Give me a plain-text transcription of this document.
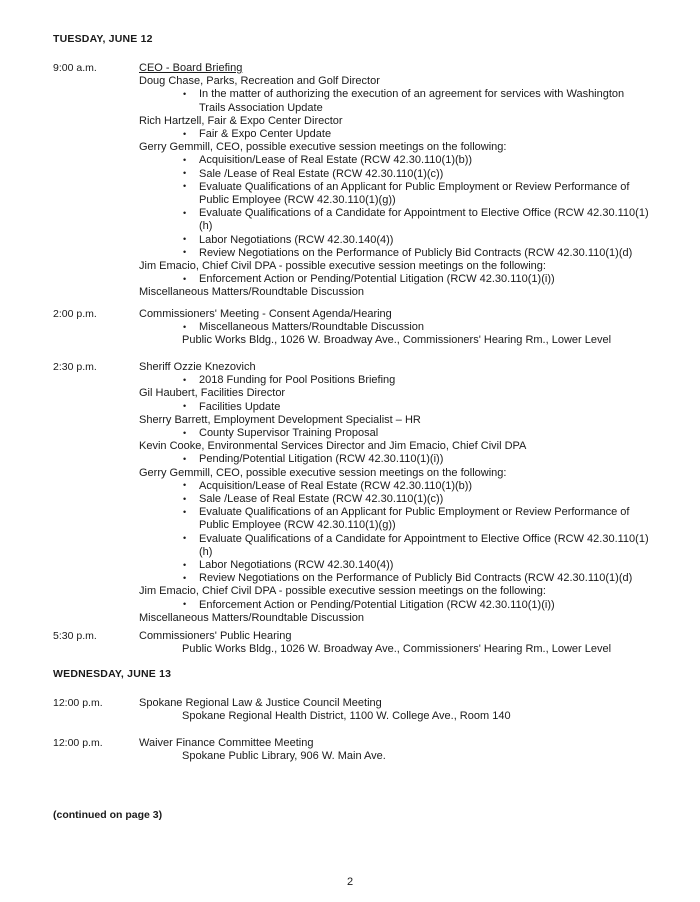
TUESDAY, JUNE 12
9:00 a.m.	CEO - Board Briefing
Doug Chase, Parks, Recreation and Golf Director
• In the matter of authorizing the execution of an agreement for services with Washington Trails Association Update
Rich Hartzell, Fair & Expo Center Director
• Fair & Expo Center Update
Gerry Gemmill, CEO, possible executive session meetings on the following:
• Acquisition/Lease of Real Estate (RCW 42.30.110(1)(b))
• Sale /Lease of Real Estate (RCW 42.30.110(1)(c))
• Evaluate Qualifications of an Applicant for Public Employment or Review Performance of Public Employee (RCW 42.30.110(1)(g))
• Evaluate Qualifications of a Candidate for Appointment to Elective Office (RCW 42.30.110(1)(h)
• Labor Negotiations (RCW 42.30.140(4))
• Review Negotiations on the Performance of Publicly Bid Contracts (RCW 42.30.110(1)(d)
Jim Emacio, Chief Civil DPA - possible executive session meetings on the following:
• Enforcement Action or Pending/Potential Litigation (RCW 42.30.110(1)(i))
Miscellaneous Matters/Roundtable Discussion
2:00 p.m.	Commissioners' Meeting - Consent Agenda/Hearing
• Miscellaneous Matters/Roundtable Discussion
Public Works Bldg., 1026 W. Broadway Ave., Commissioners' Hearing Rm., Lower Level
2:30 p.m.	Sheriff Ozzie Knezovich
• 2018 Funding for Pool Positions Briefing
Gil Haubert, Facilities Director
• Facilities Update
Sherry Barrett, Employment Development Specialist – HR
• County Supervisor Training Proposal
Kevin Cooke, Environmental Services Director and Jim Emacio, Chief Civil DPA
• Pending/Potential Litigation (RCW 42.30.110(1)(i))
Gerry Gemmill, CEO, possible executive session meetings on the following:
• Acquisition/Lease of Real Estate (RCW 42.30.110(1)(b))
• Sale /Lease of Real Estate (RCW 42.30.110(1)(c))
• Evaluate Qualifications of an Applicant for Public Employment or Review Performance of Public Employee (RCW 42.30.110(1)(g))
• Evaluate Qualifications of a Candidate for Appointment to Elective Office (RCW 42.30.110(1)(h)
• Labor Negotiations (RCW 42.30.140(4))
• Review Negotiations on the Performance of Publicly Bid Contracts (RCW 42.30.110(1)(d)
Jim Emacio, Chief Civil DPA - possible executive session meetings on the following:
• Enforcement Action or Pending/Potential Litigation (RCW 42.30.110(1)(i))
Miscellaneous Matters/Roundtable Discussion
5:30 p.m.	Commissioners' Public Hearing
Public Works Bldg., 1026 W. Broadway Ave., Commissioners' Hearing Rm., Lower Level
WEDNESDAY, JUNE 13
12:00 p.m.	Spokane Regional Law & Justice Council Meeting
Spokane Regional Health District, 1100 W. College Ave., Room 140
12:00 p.m.	Waiver Finance Committee Meeting
Spokane Public Library, 906 W. Main Ave.
(continued on page 3)
2
